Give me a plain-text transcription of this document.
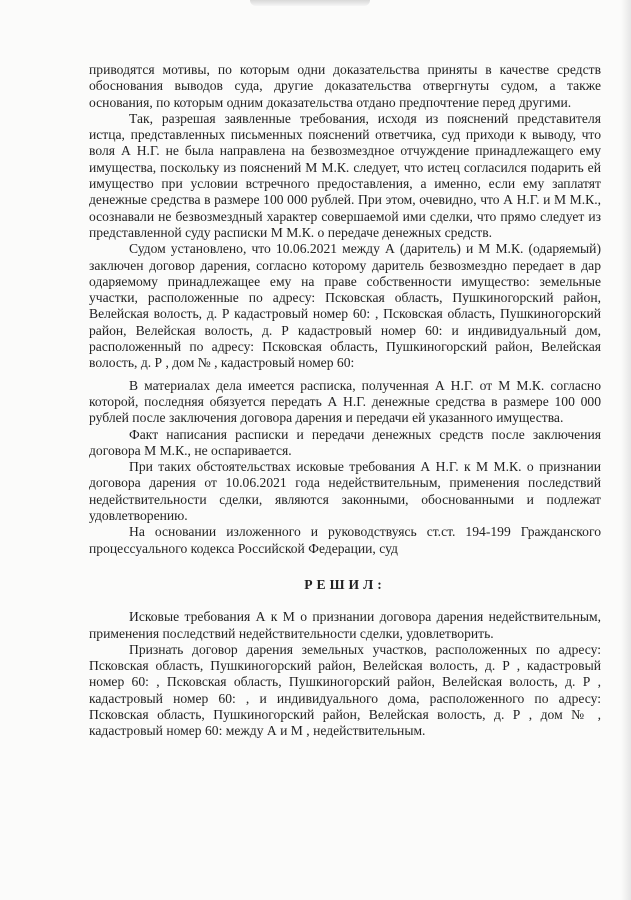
приводятся мотивы, по которым одни доказательства приняты в качестве средств обоснования выводов суда, другие доказательства отвергнуты судом, а также основания, по которым одним доказательства отдано предпочтение перед другими.

Так, разрешая заявленные требования, исходя из пояснений представителя истца, представленных письменных пояснений ответчика, суд приходи к выводу, что воля А Н.Г. не была направлена на безвозмездное отчуждение принадлежащего ему имущества, поскольку из пояснений М М.К. следует, что истец согласился подарить ей имущество при условии встречного предоставления, а именно, если ему заплатят денежные средства в размере 100 000 рублей. При этом, очевидно, что А Н.Г. и М М.К., осознавали не безвозмездный характер совершаемой ими сделки, что прямо следует из представленной суду расписки М М.К. о передаче денежных средств.

Судом установлено, что 10.06.2021 между А (даритель) и М М.К. (одаряемый) заключен договор дарения, согласно которому даритель безвозмездно передает в дар одаряемому принадлежащее ему на праве собственности имущество: земельные участки, расположенные по адресу: Псковская область, Пушкиногорский район, Велейская волость, д. Р кадастровый номер 60: , Псковская область, Пушкиногорский район, Велейская волость, д. Р кадастровый номер 60: и индивидуальный дом, расположенный по адресу: Псковская область, Пушкиногорский район, Велейская волость, д. Р , дом № , кадастровый номер 60:

В материалах дела имеется расписка, полученная А Н.Г. от М М.К. согласно которой, последняя обязуется передать А Н.Г. денежные средства в размере 100 000 рублей после заключения договора дарения и передачи ей указанного имущества.

Факт написания расписки и передачи денежных средств после заключения договора М М.К., не оспаривается.

При таких обстоятельствах исковые требования А Н.Г. к М М.К. о признании договора дарения от 10.06.2021 года недействительным, применения последствий недействительности сделки, являются законными, обоснованными и подлежат удовлетворению.

На основании изложенного и руководствуясь ст.ст. 194-199 Гражданского процессуального кодекса Российской Федерации, суд

РЕШИЛ:

Исковые требования А к М о признании договора дарения недействительным, применения последствий недействительности сделки, удовлетворить.

Признать договор дарения земельных участков, расположенных по адресу: Псковская область, Пушкиногорский район, Велейская волость, д. Р , кадастровый номер 60: , Псковская область, Пушкиногорский район, Велейская волость, д. Р , кадастровый номер 60: , и индивидуального дома, расположенного по адресу: Псковская область, Пушкиногорский район, Велейская волость, д. Р , дом № , кадастровый номер 60: между А и М , недействительным.
